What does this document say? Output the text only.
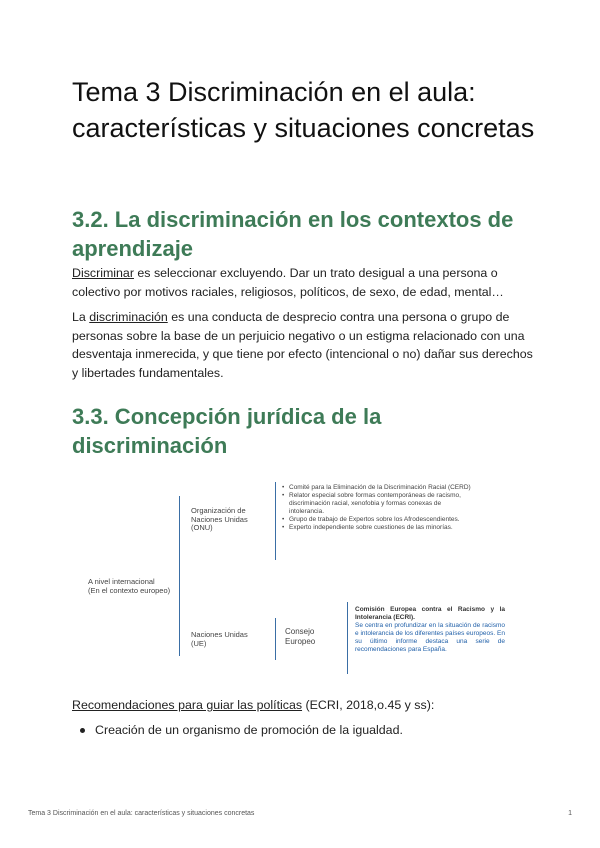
Tema 3 Discriminación en el aula: características y situaciones concretas
3.2. La discriminación en los contextos de aprendizaje

Discriminar es seleccionar excluyendo. Dar un trato desigual a una persona o colectivo por motivos raciales, religiosos, políticos, de sexo, de edad, mental…

La discriminación es una conducta de desprecio contra una persona o grupo de personas sobre la base de un perjuicio negativo o un estigma relacionado con una desventaja inmerecida, y que tiene por efecto (intencional o no) dañar sus derechos y libertades fundamentales.

3.3. Concepción jurídica de la discriminación
A nivel internacional
(En el contexto europeo)
Organización de
Naciones Unidas
(ONU)
• Comité para la Eliminación de la Discriminación Racial (CERD)
• Relator especial sobre formas contemporáneas de racismo, discriminación racial, xenofobia y formas conexas de intolerancia.
• Grupo de trabajo de Expertos sobre los Afrodescendientes.
• Experto independiente sobre cuestiones de las minorías.
Naciones Unidas
(UE)
Consejo
Europeo
Comisión Europea contra el Racismo y la Intolerancia (ECRI).
Se centra en profundizar en la situación de racismo e intolerancia de los diferentes países europeos. En su último informe destaca una serie de recomendaciones para España.
Recomendaciones para guiar las políticas (ECRI, 2018,o.45 y ss):
Creación de un organismo de promoción de la igualdad.
Tema 3 Discriminación en el aula: características y situaciones concretas	1
